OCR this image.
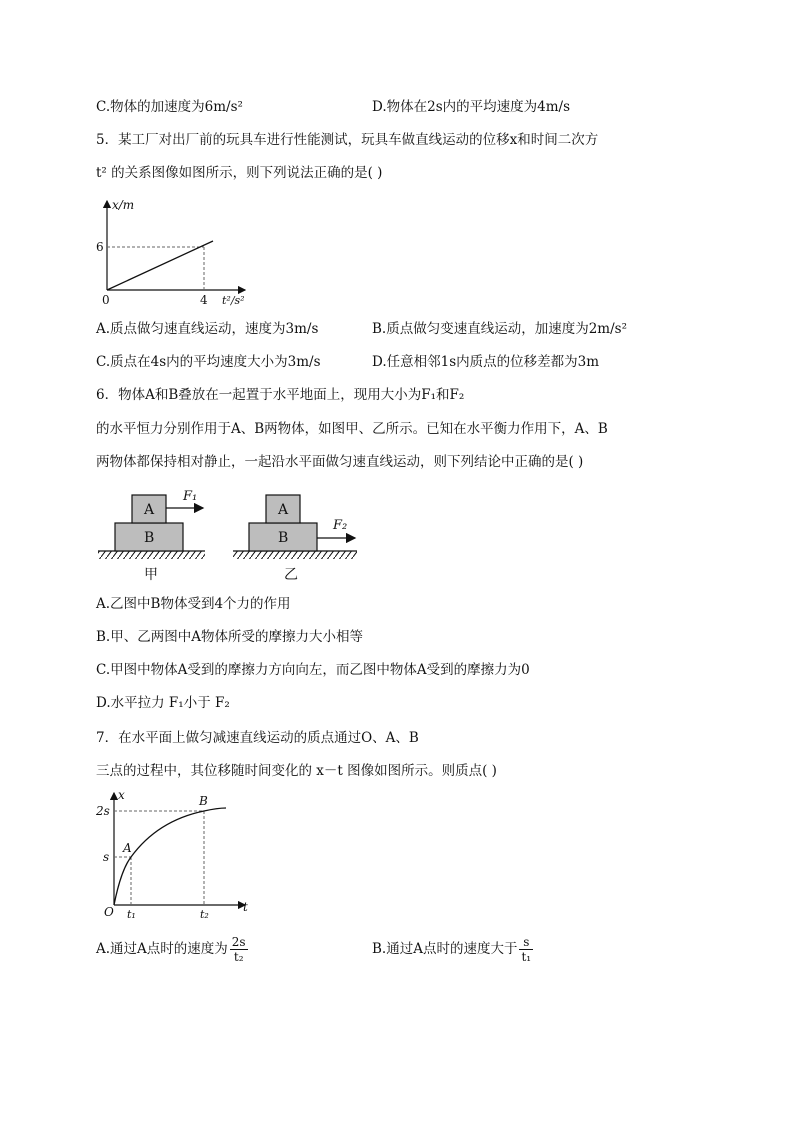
C.物体的加速度为6m/s²	D.物体在2s内的平均速度为4m/s
5．某工厂对出厂前的玩具车进行性能测试，玩具车做直线运动的位移x和时间二次方
t² 的关系图像如图所示，则下列说法正确的是( )
x/m
6
0	4 t²/s²
A.质点做匀速直线运动，速度为3m/s	B.质点做匀变速直线运动，加速度为2m/s²
C.质点在4s内的平均速度大小为3m/s	D.任意相邻1s内质点的位移差都为3m
6．物体A和B叠放在一起置于水平地面上，现用大小为F₁和F₂
的水平恒力分别作用于A、B两物体，如图甲、乙所示。已知在水平衡力作用下，A、B
两物体都保持相对静止，一起沿水平面做匀速直线运动，则下列结论中正确的是( )
A
B
F₁
甲
A
B
F₂
乙
A.乙图中B物体受到4个力的作用
B.甲、乙两图中A物体所受的摩擦力大小相等
C.甲图中物体A受到的摩擦力方向向左，而乙图中物体A受到的摩擦力为0
D.水平拉力 F₁小于 F₂
7．在水平面上做匀减速直线运动的质点通过O、A、B
三点的过程中，其位移随时间变化的 x－t 图像如图所示。则质点( )
x
2s
s
A
B
O t₁	t₂
t
A.通过A点时的速度为 $\frac{2s}{\text{t₂}}$	B.通过A点时的速度大于 $\frac{s}{\text{t₁}}$
